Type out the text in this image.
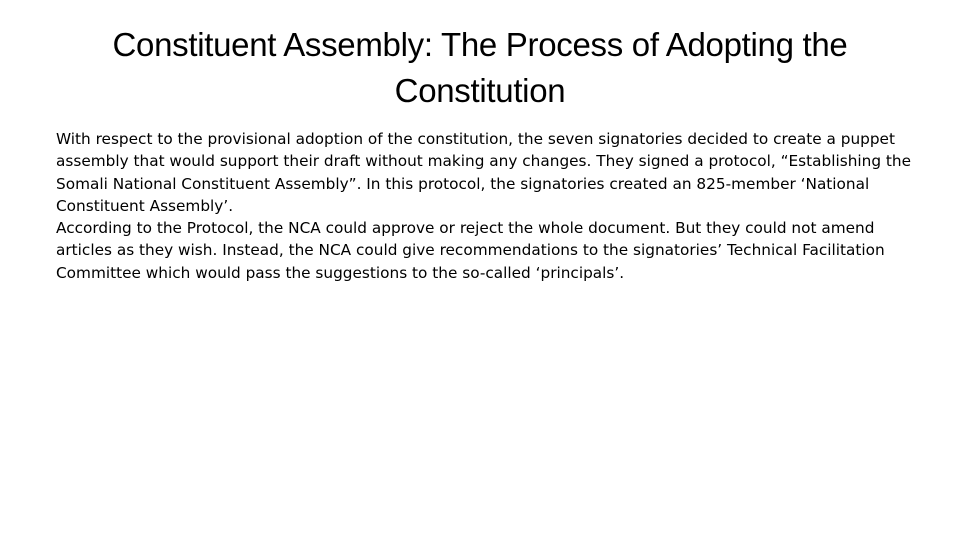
Constituent Assembly: The Process of Adopting the Constitution

With respect to the provisional adoption of the constitution, the seven signatories decided to create a puppet assembly that would support their draft without making any changes. They signed a protocol, “Establishing the Somali National Constituent Assembly”. In this protocol, the signatories created an 825-member ‘National Constituent Assembly’.

According to the Protocol, the NCA could approve or reject the whole document. But they could not amend articles as they wish. Instead, the NCA could give recommendations to the signatories’ Technical Facilitation Committee which would pass the suggestions to the so-called ‘principals’.
